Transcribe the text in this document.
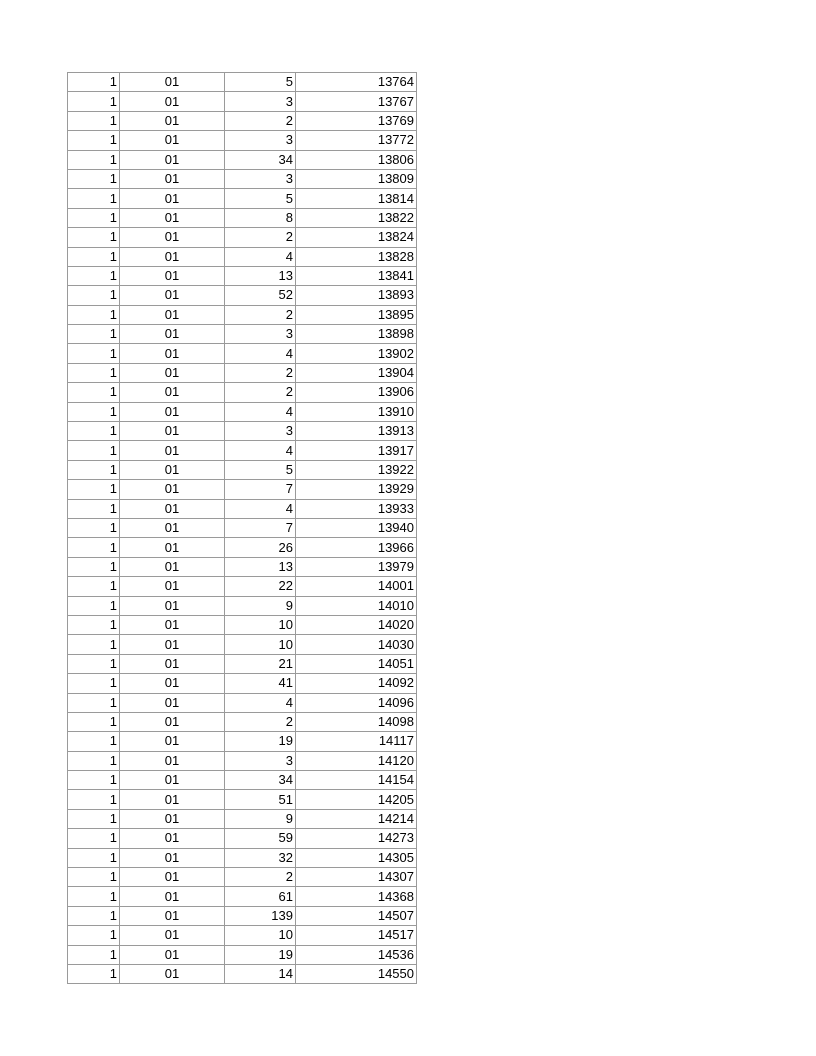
1	01	5	13764
1	01	3	13767
1	01	2	13769
1	01	3	13772
1	01	34	13806
1	01	3	13809
1	01	5	13814
1	01	8	13822
1	01	2	13824
1	01	4	13828
1	01	13	13841
1	01	52	13893
1	01	2	13895
1	01	3	13898
1	01	4	13902
1	01	2	13904
1	01	2	13906
1	01	4	13910
1	01	3	13913
1	01	4	13917
1	01	5	13922
1	01	7	13929
1	01	4	13933
1	01	7	13940
1	01	26	13966
1	01	13	13979
1	01	22	14001
1	01	9	14010
1	01	10	14020
1	01	10	14030
1	01	21	14051
1	01	41	14092
1	01	4	14096
1	01	2	14098
1	01	19	14117
1	01	3	14120
1	01	34	14154
1	01	51	14205
1	01	9	14214
1	01	59	14273
1	01	32	14305
1	01	2	14307
1	01	61	14368
1	01	139	14507
1	01	10	14517
1	01	19	14536
1	01	14	14550
